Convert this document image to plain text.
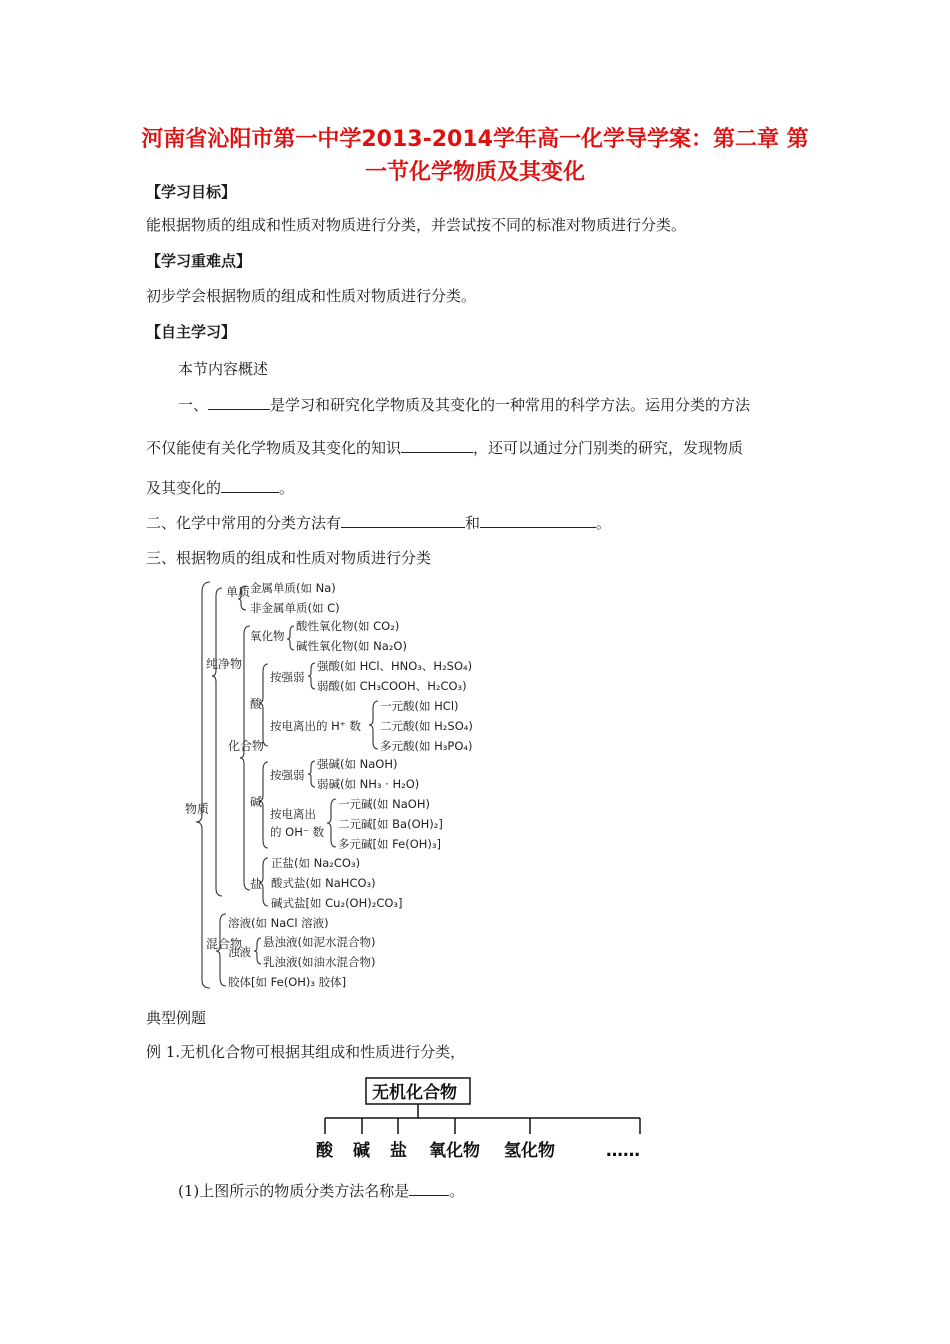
河南省沁阳市第一中学2013-2014学年高一化学导学案：第二章 第
一节化学物质及其变化
【学习目标】
能根据物质的组成和性质对物质进行分类，并尝试按不同的标准对物质进行分类。
【学习重难点】
初步学会根据物质的组成和性质对物质进行分类。
【自主学习】
本节内容概述
一、	是学习和研究化学物质及其变化的一种常用的科学方法。运用分类的方法
不仅能使有关化学物质及其变化的知识	，还可以通过分门别类的研究，发现物质
及其变化的	。
二、化学中常用的分类方法有	和	。
三、根据物质的组成和性质对物质进行分类
物质
纯净物
单质 金属单质(如 Na)
非金属单质(如 C)
化合物
氧化物
酸性氧化物(如 CO₂)
碱性氧化物(如 Na₂O)
酸
按强弱
强酸(如 HCl、HNO₃、H₂SO₄)
弱酸(如 CH₃COOH、H₂CO₃)
按电离出的 H⁺ 数
一元酸(如 HCl)
二元酸(如 H₂SO₄)
多元酸(如 H₃PO₄)
碱
按强弱
强碱(如 NaOH)
弱碱(如 NH₃ · H₂O)
按电离出
的 OH⁻ 数
一元碱(如 NaOH)
二元碱[如 Ba(OH)₂]
多元碱[如 Fe(OH)₃]
盐
正盐(如 Na₂CO₃)
酸式盐(如 NaHCO₃)
碱式盐[如 Cu₂(OH)₂CO₃]
混合物
溶液(如 NaCl 溶液)
浊液
悬浊液(如泥水混合物)
乳浊液(如油水混合物)
胶体[如 Fe(OH)₃ 胶体]
无机化合物
酸 碱 盐 氧化物 氢化物	……
典型例题
例 1.无机化合物可根据其组成和性质进行分类，
(1)上图所示的物质分类方法名称是	。
